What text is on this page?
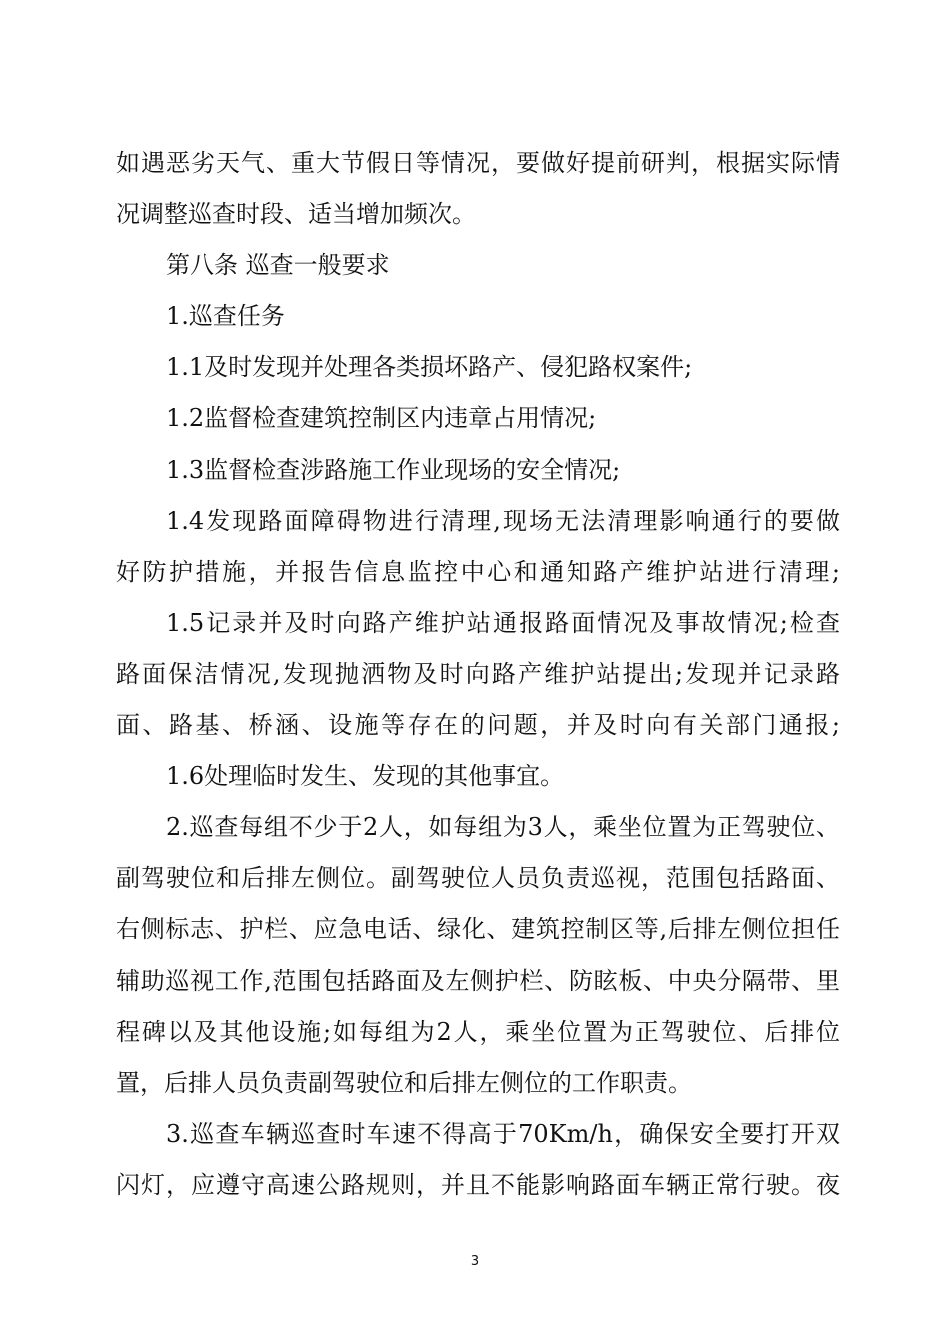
如遇恶劣天气、重大节假日等情况，要做好提前研判，根据实际情
况调整巡查时段、适当增加频次。
第八条 巡查一般要求
1.巡查任务
1.1及时发现并处理各类损坏路产、侵犯路权案件;
1.2监督检查建筑控制区内违章占用情况;
1.3监督检查涉路施工作业现场的安全情况;
1.4发现路面障碍物进行清理,现场无法清理影响通行的要做
好防护措施，并报告信息监控中心和通知路产维护站进行清理;
1.5记录并及时向路产维护站通报路面情况及事故情况;检查
路面保洁情况,发现抛洒物及时向路产维护站提出;发现并记录路
面、路基、桥涵、设施等存在的问题，并及时向有关部门通报;
1.6处理临时发生、发现的其他事宜。
2.巡查每组不少于2人，如每组为3人，乘坐位置为正驾驶位、
副驾驶位和后排左侧位。副驾驶位人员负责巡视，范围包括路面、
右侧标志、护栏、应急电话、绿化、建筑控制区等,后排左侧位担任
辅助巡视工作,范围包括路面及左侧护栏、防眩板、中央分隔带、里
程碑以及其他设施;如每组为2人，乘坐位置为正驾驶位、后排位
置，后排人员负责副驾驶位和后排左侧位的工作职责。
3.巡查车辆巡查时车速不得高于70Km/h，确保安全要打开双
闪灯，应遵守高速公路规则，并且不能影响路面车辆正常行驶。夜
3
